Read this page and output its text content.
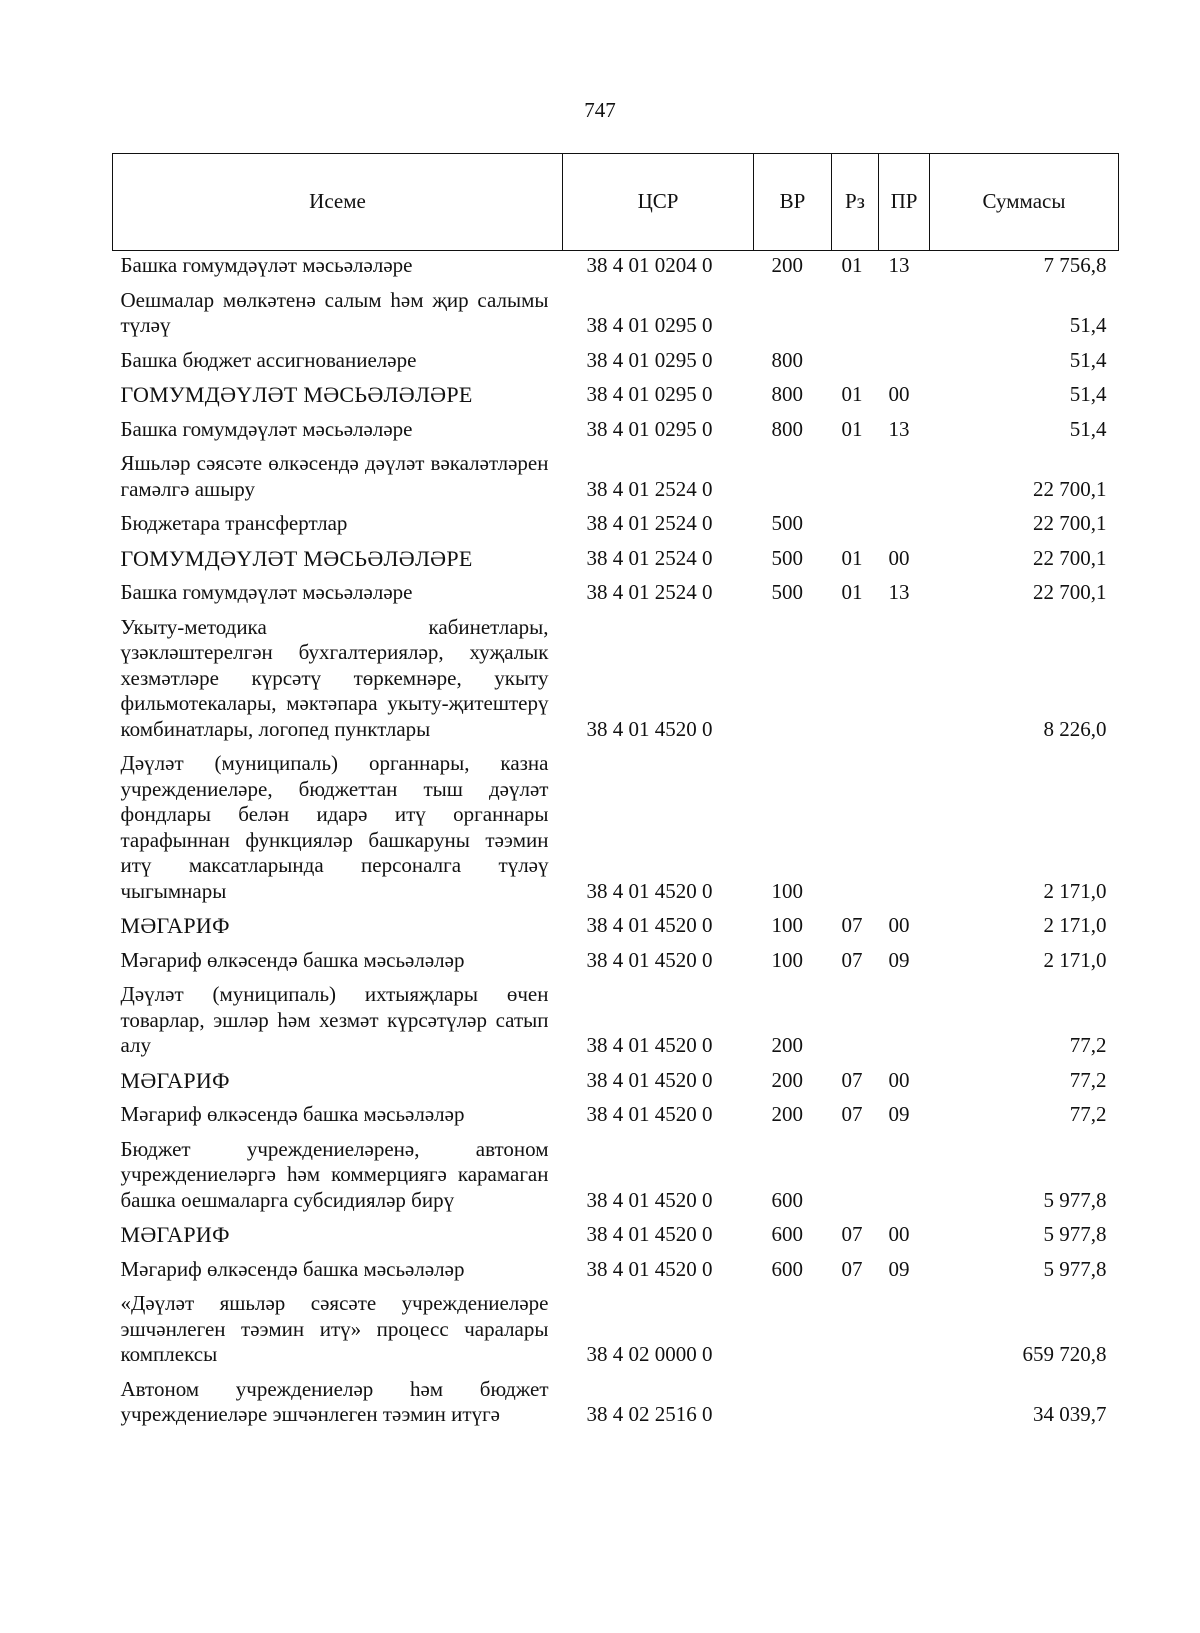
747
Исеме	ЦСР	ВР	Рз	ПР	Суммасы
Башка гомумдәүләт мәсьәләләре	38 4 01 0204 0	200	01	13	7 756,8
Оешмалар мөлкәтенә салым һәм җир салымы түләү	38 4 01 0295 0				51,4
Башка бюджет ассигнованиеләре	38 4 01 0295 0	800			51,4
ГОМУМДӘҮЛӘТ МӘСЬӘЛӘЛӘРЕ	38 4 01 0295 0	800	01	00	51,4
Башка гомумдәүләт мәсьәләләре	38 4 01 0295 0	800	01	13	51,4
Яшьләр сәясәте өлкәсендә дәүләт вәкаләтләрен гамәлгә ашыру	38 4 01 2524 0				22 700,1
Бюджетара трансфертлар	38 4 01 2524 0	500			22 700,1
ГОМУМДӘҮЛӘТ МӘСЬӘЛӘЛӘРЕ	38 4 01 2524 0	500	01	00	22 700,1
Башка гомумдәүләт мәсьәләләре	38 4 01 2524 0	500	01	13	22 700,1
Укыту-методика кабинетлары, үзәкләштерелгән бухгалтерияләр, хуҗалык хезмәтләре күрсәтү төркемнәре, укыту фильмотекалары, мәктәпара укыту-җитештерү комбинатлары, логопед пунктлары	38 4 01 4520 0				8 226,0
Дәүләт (муниципаль) органнары, казна учреждениеләре, бюджеттан тыш дәүләт фондлары белән идарә итү органнары тарафыннан функцияләр башкаруны тәэмин итү максатларында персоналга түләү чыгымнары	38 4 01 4520 0	100			2 171,0
МӘГАРИФ	38 4 01 4520 0	100	07	00	2 171,0
Мәгариф өлкәсендә башка мәсьәләләр	38 4 01 4520 0	100	07	09	2 171,0
Дәүләт (муниципаль) ихтыяҗлары өчен товарлар, эшләр һәм хезмәт күрсәтүләр сатып алу	38 4 01 4520 0	200			77,2
МӘГАРИФ	38 4 01 4520 0	200	07	00	77,2
Мәгариф өлкәсендә башка мәсьәләләр	38 4 01 4520 0	200	07	09	77,2
Бюджет учреждениеләренә, автоном учреждениеләргә һәм коммерциягә карамаган башка оешмаларга субсидияләр бирү	38 4 01 4520 0	600			5 977,8
МӘГАРИФ	38 4 01 4520 0	600	07	00	5 977,8
Мәгариф өлкәсендә башка мәсьәләләр	38 4 01 4520 0	600	07	09	5 977,8
«Дәүләт яшьләр сәясәте учреждениеләре эшчәнлеген тәэмин итү» процесс чаралары комплексы	38 4 02 0000 0				659 720,8
Автоном учреждениеләр һәм бюджет учреждениеләре эшчәнлеген тәэмин итүгә	38 4 02 2516 0				34 039,7
